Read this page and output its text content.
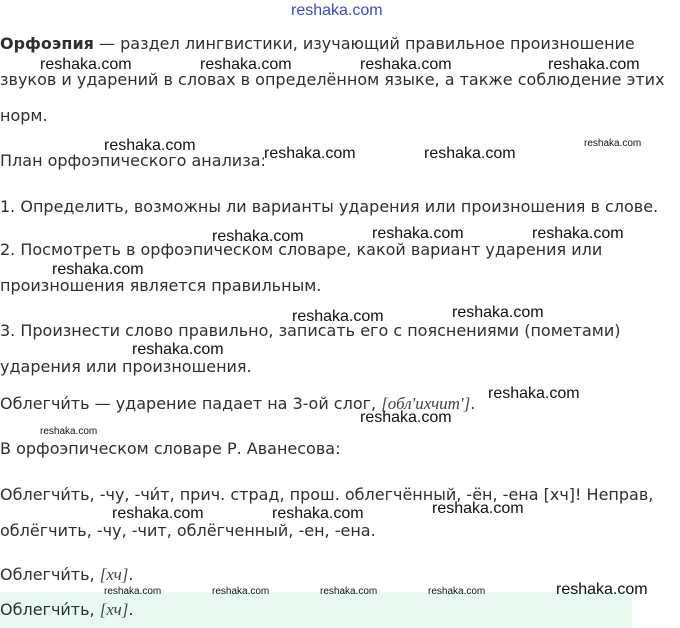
Орфоэпия — раздел лингвистики, изучающий правильное произношение
звуков и ударений в словах в определённом языке, а также соблюдение этих
норм.
План орфоэпического анализа:
1. Определить, возможны ли варианты ударения или произношения в слове.
2. Посмотреть в орфоэпическом словаре, какой вариант ударения или
произношения является правильным.
3. Произнести слово правильно, записать его с пояснениями (пометами)
ударения или произношения.
Облегчи́ть — ударение падает на 3-ой слог, [обл'ихчит'].
В орфоэпическом словаре Р. Аванесова:
Облегчи́ть, -чу, -чи́т, прич. страд, прош. облегчённый, -ён, -ена [хч]! Неправ,
облёгчить, -чу, -чит, облёгченный, -ен, -ена.
Облегчи́ть, [хч].
Облегчи́ть, [хч].
reshaka.com
reshaka.com	reshaka.com	reshaka.com	reshaka.com
reshaka.com	reshaka.com	reshaka.com
reshaka.com
reshaka.com	reshaka.com	reshaka.com
reshaka.com
reshaka.com	reshaka.com
reshaka.com
reshaka.com
reshaka.com
reshaka.com
reshaka.com
reshaka.com	reshaka.com
reshaka.com	reshaka.com	reshaka.com	reshaka.com	reshaka.com
